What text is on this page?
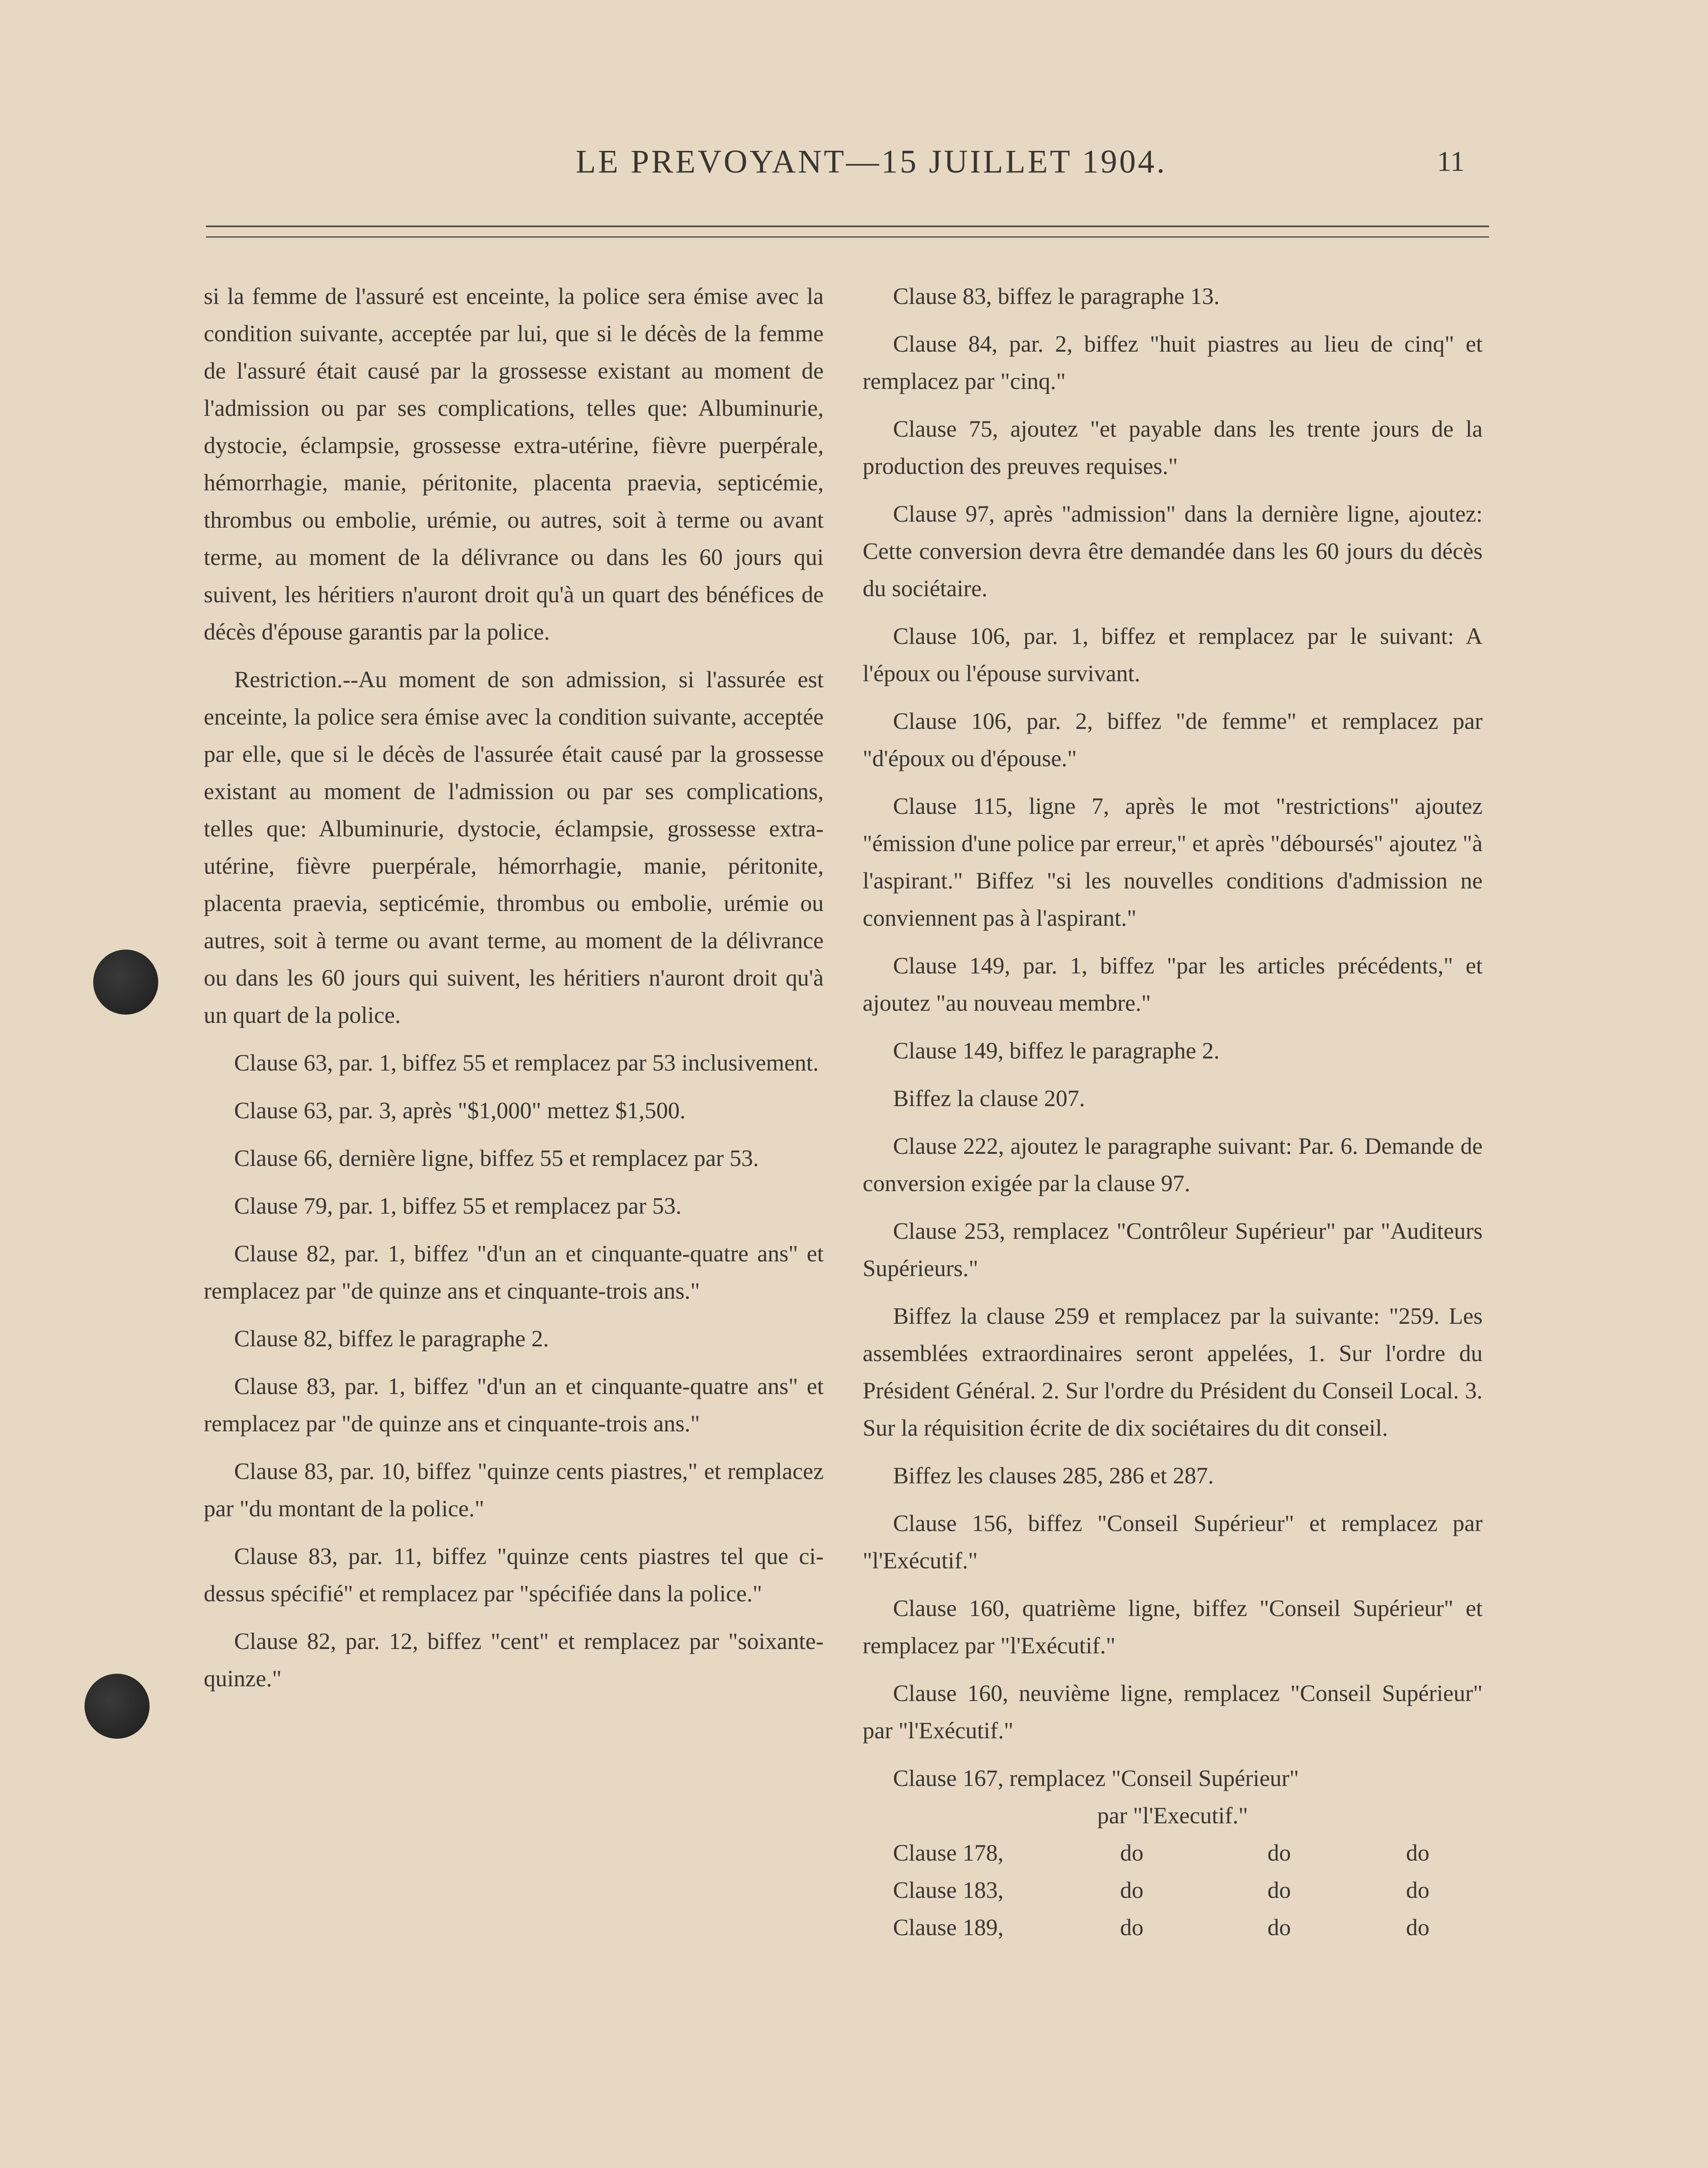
LE PREVOYANT—15 JUILLET 1904.	11

si la femme de l'assuré est enceinte, la police sera émise avec la condition suivante, acceptée par lui, que si le décès de la femme de l'assuré était causé par la grossesse existant au moment de l'admission ou par ses complications, telles que: Albuminurie, dystocie, éclampsie, grossesse extra-utérine, fièvre puerpérale, hémorrhagie, manie, péritonite, placenta praevia, septicémie, thrombus ou embolie, urémie, ou autres, soit à terme ou avant terme, au moment de la délivrance ou dans les 60 jours qui suivent, les héritiers n'auront droit qu'à un quart des bénéfices de décès d'épouse garantis par la police.

Restriction.--Au moment de son admission, si l'assurée est enceinte, la police sera émise avec la condition suivante, acceptée par elle, que si le décès de l'assurée était causé par la grossesse existant au moment de l'admission ou par ses complications, telles que: Albuminurie, dystocie, éclampsie, grossesse extra-utérine, fièvre puerpérale, hémorrhagie, manie, péritonite, placenta praevia, septicémie, thrombus ou embolie, urémie ou autres, soit à terme ou avant terme, au moment de la délivrance ou dans les 60 jours qui suivent, les héritiers n'auront droit qu'à un quart de la police.

Clause 63, par. 1, biffez 55 et remplacez par 53 inclusivement.

Clause 63, par. 3, après "$1,000" mettez $1,500.

Clause 66, dernière ligne, biffez 55 et remplacez par 53.

Clause 79, par. 1, biffez 55 et remplacez par 53.

Clause 82, par. 1, biffez "d'un an et cinquante-quatre ans" et remplacez par "de quinze ans et cinquante-trois ans."

Clause 82, biffez le paragraphe 2.

Clause 83, par. 1, biffez "d'un an et cinquante-quatre ans" et remplacez par "de quinze ans et cinquante-trois ans."

Clause 83, par. 10, biffez "quinze cents piastres," et remplacez par "du montant de la police."

Clause 83, par. 11, biffez "quinze cents piastres tel que ci-dessus spécifié" et remplacez par "spécifiée dans la police."

Clause 82, par. 12, biffez "cent" et remplacez par "soixante-quinze."

Clause 83, biffez le paragraphe 13.

Clause 84, par. 2, biffez "huit piastres au lieu de cinq" et remplacez par "cinq."

Clause 75, ajoutez "et payable dans les trente jours de la production des preuves requises."

Clause 97, après "admission" dans la dernière ligne, ajoutez: Cette conversion devra être demandée dans les 60 jours du décès du sociétaire.

Clause 106, par. 1, biffez et remplacez par le suivant: A l'époux ou l'épouse survivant.

Clause 106, par. 2, biffez "de femme" et remplacez par "d'époux ou d'épouse."

Clause 115, ligne 7, après le mot "restrictions" ajoutez "émission d'une police par erreur," et après "déboursés" ajoutez "à l'aspirant." Biffez "si les nouvelles conditions d'admission ne conviennent pas à l'aspirant."

Clause 149, par. 1, biffez "par les articles précédents," et ajoutez "au nouveau membre."

Clause 149, biffez le paragraphe 2.

Biffez la clause 207.

Clause 222, ajoutez le paragraphe suivant: Par. 6. Demande de conversion exigée par la clause 97.

Clause 253, remplacez "Contrôleur Supérieur" par "Auditeurs Supérieurs."

Biffez la clause 259 et remplacez par la suivante: "259. Les assemblées extraordinaires seront appelées, 1. Sur l'ordre du Président Général. 2. Sur l'ordre du Président du Conseil Local. 3. Sur la réquisition écrite de dix sociétaires du dit conseil.

Biffez les clauses 285, 286 et 287.

Clause 156, biffez "Conseil Supérieur" et remplacez par "l'Exécutif."

Clause 160, quatrième ligne, biffez "Conseil Supérieur" et remplacez par "l'Exécutif."

Clause 160, neuvième ligne, remplacez "Conseil Supérieur" par "l'Exécutif."

Clause 167, remplacez "Conseil Supérieur"

par "l'Executif."

Clause 178,	do	do	do
Clause 183,	do	do	do
Clause 189,	do	do	do
